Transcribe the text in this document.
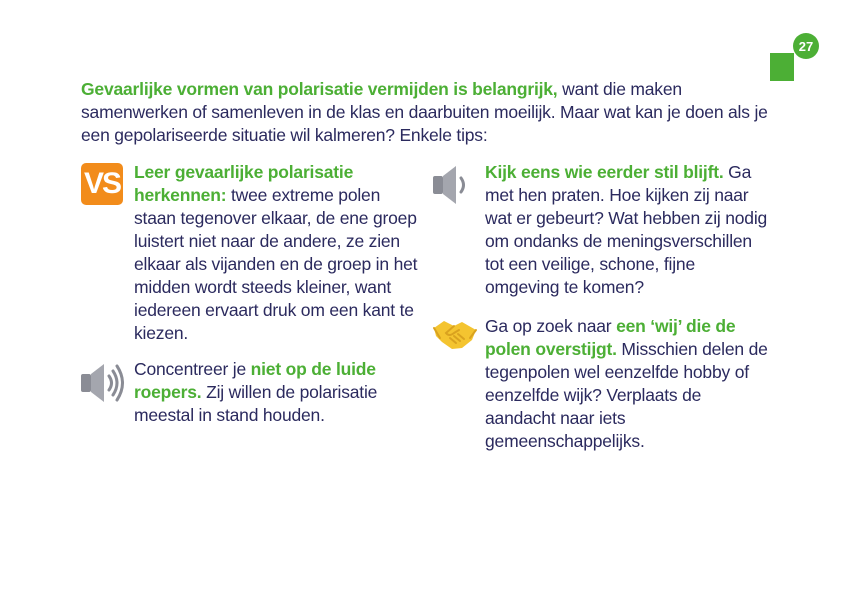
27

Gevaarlijke vormen van polarisatie vermijden is belangrijk, want die maken samenwerken of samenleven in de klas en daarbuiten moeilijk. Maar wat kan je doen als je een gepolariseerde situatie wil kalmeren? Enkele tips:

VS Leer gevaarlijke polarisatie herkennen: twee extreme polen staan tegenover elkaar, de ene groep luistert niet naar de andere, ze zien elkaar als vijanden en de groep in het midden wordt steeds kleiner, want iedereen ervaart druk om een kant te kiezen.

Concentreer je niet op de luide roepers. Zij willen de polarisatie meestal in stand houden.

Kijk eens wie eerder stil blijft. Ga met hen praten. Hoe kijken zij naar wat er gebeurt? Wat hebben zij nodig om ondanks de meningsverschillen tot een veilige, schone, fijne omgeving te komen?

Ga op zoek naar een ‘wij’ die de polen overstijgt. Misschien delen de tegenpolen wel eenzelfde hobby of eenzelfde wijk? Verplaats de aandacht naar iets gemeenschappelijks.
